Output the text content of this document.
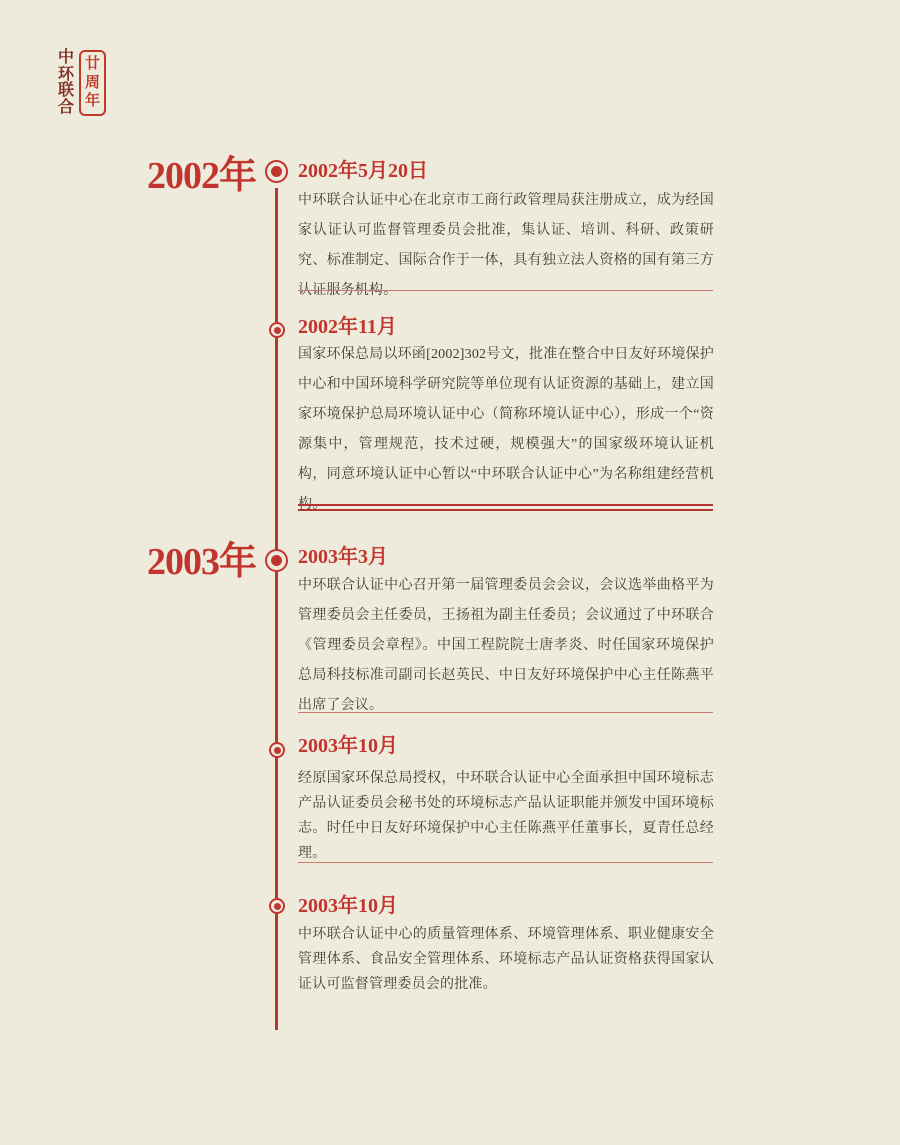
中环联合
廿周年
2002年
2003年
2002年5月20日
中环联合认证中心在北京市工商行政管理局获注册成立，成为经国家认证认可监督管理委员会批准，集认证、培训、科研、政策研究、标准制定、国际合作于一体，具有独立法人资格的国有第三方认证服务机构。
2002年11月
国家环保总局以环函[2002]302号文，批准在整合中日友好环境保护中心和中国环境科学研究院等单位现有认证资源的基础上，建立国家环境保护总局环境认证中心（简称环境认证中心），形成一个“资源集中，管理规范，技术过硬，规模强大”的国家级环境认证机构，同意环境认证中心暂以“中环联合认证中心”为名称组建经营机构。
2003年3月
中环联合认证中心召开第一届管理委员会会议，会议选举曲格平为管理委员会主任委员，王扬祖为副主任委员；会议通过了中环联合《管理委员会章程》。中国工程院院士唐孝炎、时任国家环境保护总局科技标准司副司长赵英民、中日友好环境保护中心主任陈燕平出席了会议。
2003年10月
经原国家环保总局授权，中环联合认证中心全面承担中国环境标志产品认证委员会秘书处的环境标志产品认证职能并颁发中国环境标志。时任中日友好环境保护中心主任陈燕平任董事长，夏青任总经理。
2003年10月
中环联合认证中心的质量管理体系、环境管理体系、职业健康安全管理体系、食品安全管理体系、环境标志产品认证资格获得国家认证认可监督管理委员会的批准。
